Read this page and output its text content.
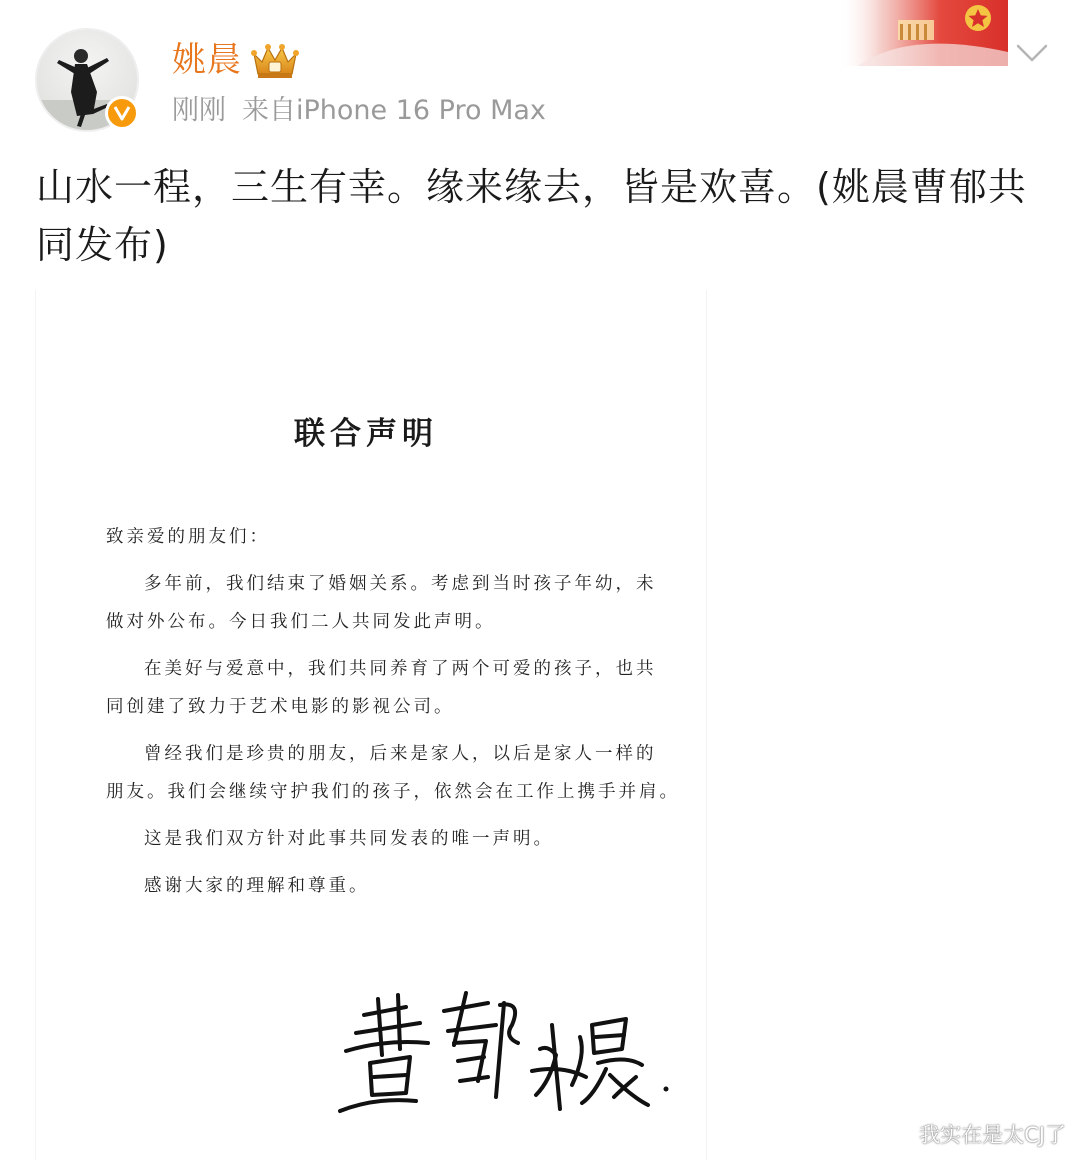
姚晨
刚刚 来自iPhone 16 Pro Max
山水一程，三生有幸。缘来缘去，皆是欢喜。(姚晨曹郁共同发布)
联合声明
致亲爱的朋友们：
多年前，我们结束了婚姻关系。考虑到当时孩子年幼，未
做对外公布。今日我们二人共同发此声明。
在美好与爱意中，我们共同养育了两个可爱的孩子，也共
同创建了致力于艺术电影的影视公司。
曾经我们是珍贵的朋友，后来是家人，以后是家人一样的
朋友。我们会继续守护我们的孩子，依然会在工作上携手并肩。
这是我们双方针对此事共同发表的唯一声明。
感谢大家的理解和尊重。
我实在是太CJ了
